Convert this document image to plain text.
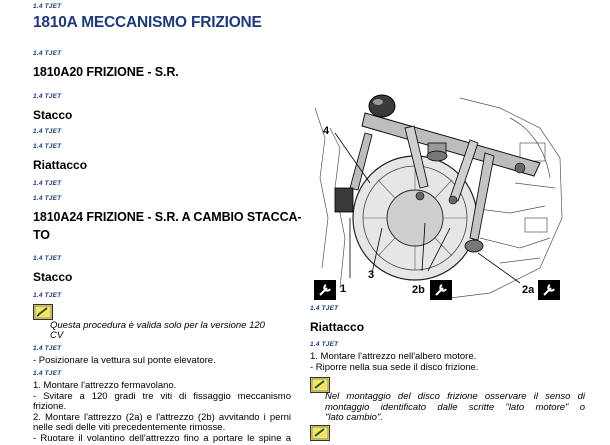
1.4 TJET
1810A MECCANISMO FRIZIONE
1.4 TJET
1810A20 FRIZIONE - S.R.
1.4 TJET
Stacco
1.4 TJET
1.4 TJET
Riattacco
1.4 TJET
1.4 TJET
1810A24 FRIZIONE - S.R. A CAMBIO STACCA-
TO
1.4 TJET
Stacco
1.4 TJET
Questa procedura è valida solo per la versione 120
CV
1.4 TJET
- Posizionare la vettura sul ponte elevatore.
1.4 TJET
1. Montare l'attrezzo fermavolano.
- Svitare a 120 gradi tre viti di fissaggio meccanismo
frizione.
2. Montare l'attrezzo (2a) e l'attrezzo (2b) avvitando i perni
nelle sedi delle viti precedentemente rimosse.
- Ruotare il volantino dell'attrezzo fino a portare le spine a
4
3
1	2b	2a
1.4 TJET
Riattacco
1.4 TJET
1. Montare l'attrezzo nell'albero motore.
- Riporre nella sua sede il disco frizione.
Nel montaggio del disco frizione osservare il senso di
montaggio identificato dalle scritte "lato motore" o
"lato cambio".
